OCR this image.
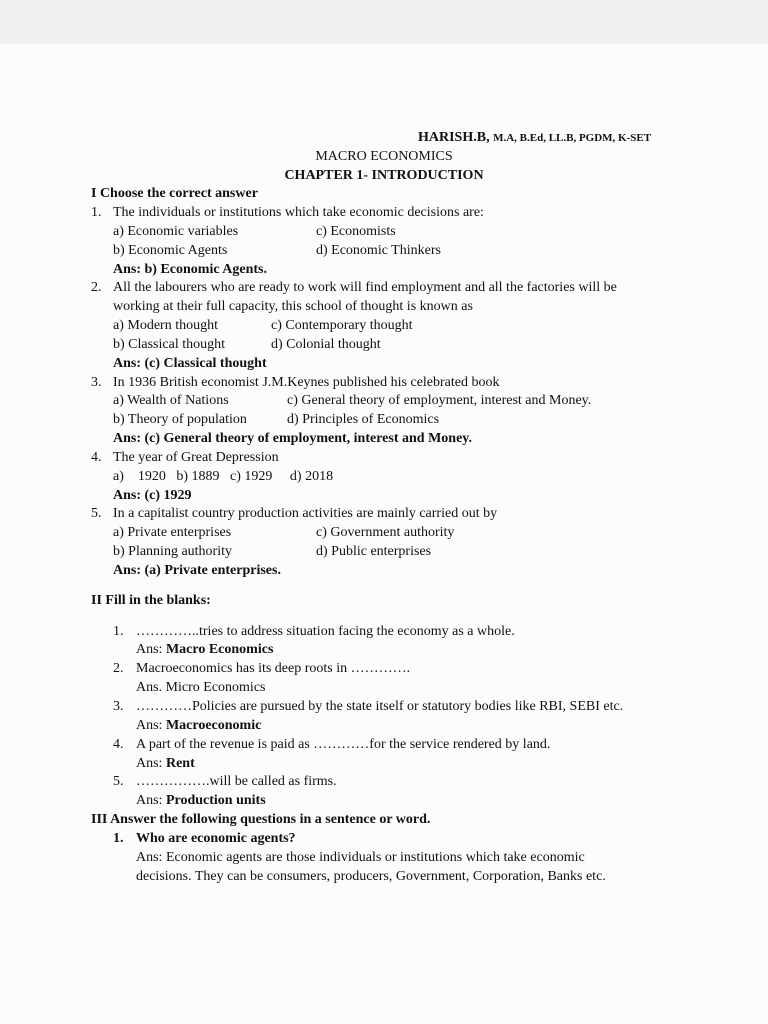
HARISH.B, M.A, B.Ed, LL.B, PGDM, K-SET
MACRO ECONOMICS
CHAPTER 1- INTRODUCTION
I Choose the correct answer
1. The individuals or institutions which take economic decisions are:
a) Economic variables	c) Economists
b) Economic Agents	d) Economic Thinkers
Ans: b) Economic Agents.
2. All the labourers who are ready to work will find employment and all the factories will be
working at their full capacity, this school of thought is known as
a) Modern thought	c) Contemporary thought
b) Classical thought	d) Colonial thought
Ans: (c) Classical thought
3. In 1936 British economist J.M.Keynes published his celebrated book
a) Wealth of Nations	c) General theory of employment, interest and Money.
b) Theory of population	d) Principles of Economics
Ans: (c) General theory of employment, interest and Money.
4. The year of Great Depression
a)    1920   b) 1889   c) 1929     d) 2018
Ans: (c) 1929
5. In a capitalist country production activities are mainly carried out by
a) Private enterprises	c) Government authority
b) Planning authority	d) Public enterprises
Ans: (a) Private enterprises.
II Fill in the blanks:
1. …………..tries to address situation facing the economy as a whole.
Ans: Macro Economics
2. Macroeconomics has its deep roots in ………….
Ans. Micro Economics
3. …………Policies are pursued by the state itself or statutory bodies like RBI, SEBI etc.
Ans: Macroeconomic
4. A part of the revenue is paid as …………for the service rendered by land.
Ans: Rent
5. …………….will be called as firms.
Ans: Production units
III Answer the following questions in a sentence or word.
1. Who are economic agents?
Ans: Economic agents are those individuals or institutions which take economic
decisions. They can be consumers, producers, Government, Corporation, Banks etc.
